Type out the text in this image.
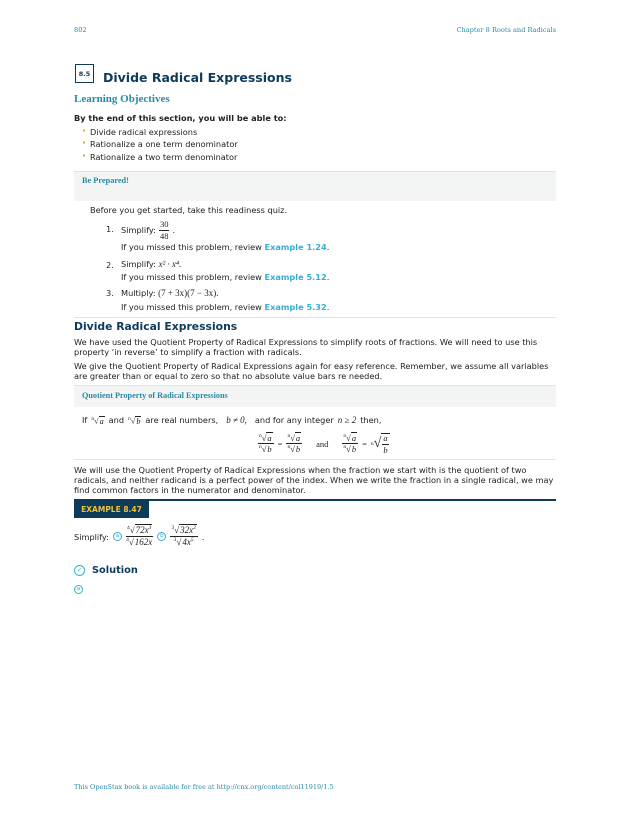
802	Chapter 8 Roots and Radicals
8.5	Divide Radical Expressions
Learning Objectives
By the end of this section, you will be able to:
• Divide radical expressions
• Rationalize a one term denominator
• Rationalize a two term denominator
Be Prepared!
Before you get started, take this readiness quiz.
1. Simplify: $\frac{30}{48}$ .
If you missed this problem, review Example 1.24.
2. Simplify: x² · x⁴.
If you missed this problem, review Example 5.12.
3. Multiply: (7 + 3x)(7 − 3x).
If you missed this problem, review Example 5.32.
Divide Radical Expressions
We have used the Quotient Property of Radical Expressions to simplify roots of fractions. We will need to use this property ‘in reverse’ to simplify a fraction with radicals.
We give the Quotient Property of Radical Expressions again for easy reference. Remember, we assume all variables are greater than or equal to zero so that no absolute value bars re needed.
Quotient Property of Radical Expressions
If $^n$√a and $^n$√b are real numbers, b ≠ 0, and for any integer n ≥ 2 then,
$\frac{^n√a}{^n√b} = \frac{^n√a}{^n√b}$ and	$\frac{^n√a}{^n√b} = n$ √ $\frac{a}{b}$
We will use the Quotient Property of Radical Expressions when the fraction we start with is the quotient of two radicals, and neither radicand is a perfect power of the index. When we write the fraction in a single radical, we may find common factors in the numerator and denominator.
EXAMPLE 8.47
Simplify:	a	$\frac{^4√72x^3}{^4√162x}$	b	$\frac{^3√32x^2}{^3√4x^5}$ .
✓ Solution
a
This OpenStax book is available for free at http://cnx.org/content/col11919/1.5
